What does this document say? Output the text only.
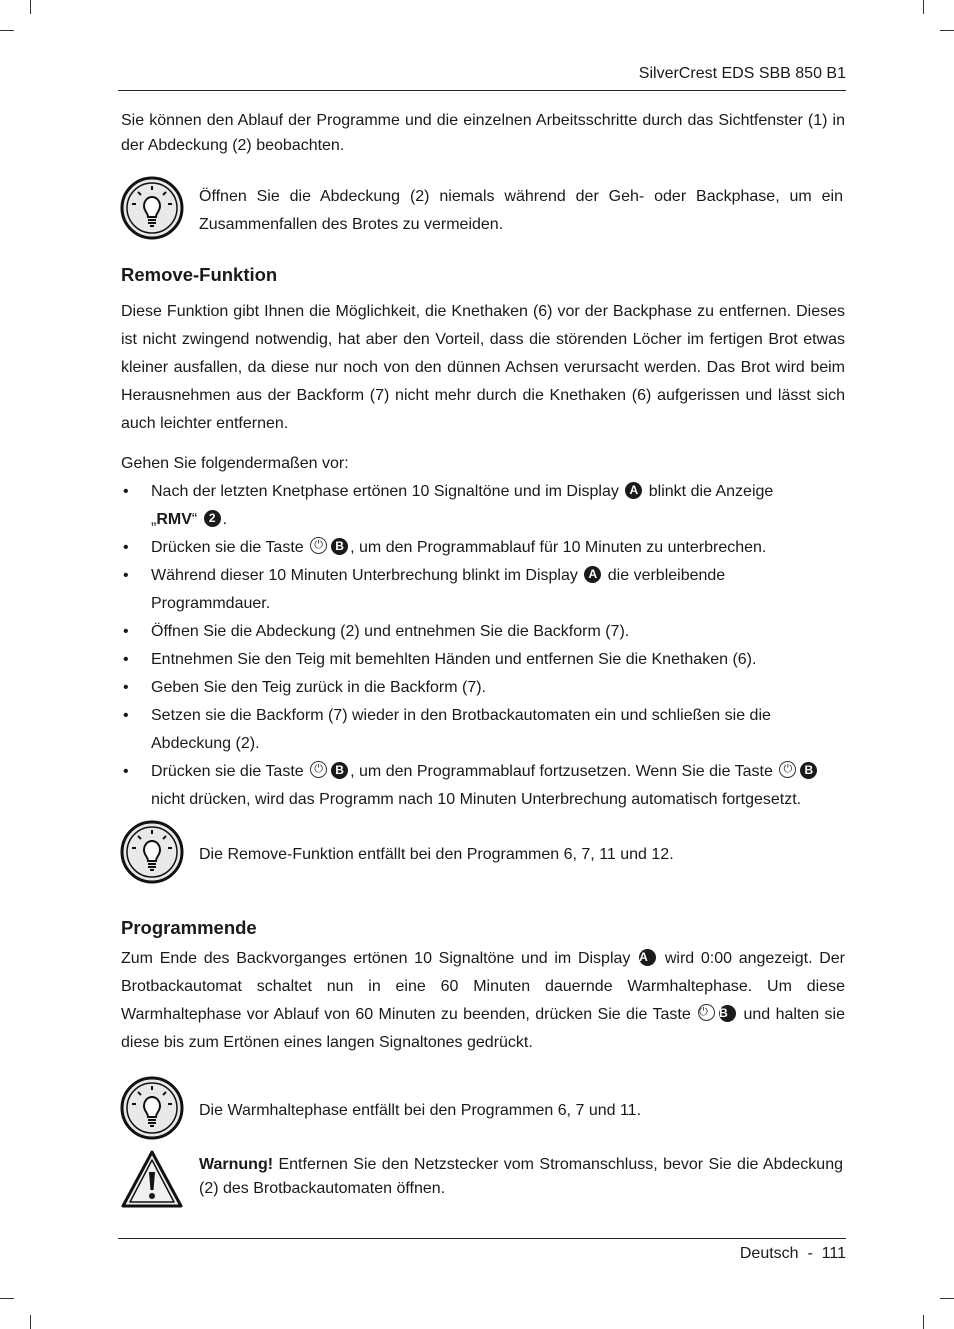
SilverCrest EDS SBB 850 B1

Sie können den Ablauf der Programme und die einzelnen Arbeitsschritte durch das Sichtfenster (1) in der Abdeckung (2) beobachten.

Öffnen Sie die Abdeckung (2) niemals während der Geh- oder Backphase, um ein Zusammenfallen des Brotes zu vermeiden.

Remove-Funktion

Diese Funktion gibt Ihnen die Möglichkeit, die Knethaken (6) vor der Backphase zu entfernen. Dieses ist nicht zwingend notwendig, hat aber den Vorteil, dass die störenden Löcher im fertigen Brot etwas kleiner ausfallen, da diese nur noch von den dünnen Achsen verursacht werden. Das Brot wird beim Herausnehmen aus der Backform (7) nicht mehr durch die Knethaken (6) aufgerissen und lässt sich auch leichter entfernen.

Gehen Sie folgendermaßen vor:

• Nach der letzten Knetphase ertönen 10 Signaltöne und im Display A blinkt die Anzeige
„RMV“ 2 .
• Drücken sie die Taste ⏻ B , um den Programmablauf für 10 Minuten zu unterbrechen.
• Während dieser 10 Minuten Unterbrechung blinkt im Display A die verbleibende Programmdauer.
• Öffnen Sie die Abdeckung (2) und entnehmen Sie die Backform (7).
• Entnehmen Sie den Teig mit bemehlten Händen und entfernen Sie die Knethaken (6).
• Geben Sie den Teig zurück in die Backform (7).
• Setzen sie die Backform (7) wieder in den Brotbackautomaten ein und schließen sie die Abdeckung (2).
• Drücken sie die Taste ⏻ B , um den Programmablauf fortzusetzen. Wenn Sie die Taste ⏻ B nicht drücken, wird das Programm nach 10 Minuten Unterbrechung automatisch fortgesetzt.

Die Remove-Funktion entfällt bei den Programmen 6, 7, 11 und 12.

Programmende

Zum Ende des Backvorganges ertönen 10 Signaltöne und im Display A wird 0:00 angezeigt. Der Brotbackautomat schaltet nun in eine 60 Minuten dauernde Warmhaltephase. Um diese Warmhaltephase vor Ablauf von 60 Minuten zu beenden, drücken Sie die Taste ⏻ B und halten sie diese bis zum Ertönen eines langen Signaltones gedrückt.

Die Warmhaltephase entfällt bei den Programmen 6, 7 und 11.

Warnung! Entfernen Sie den Netzstecker vom Stromanschluss, bevor Sie die Abdeckung (2) des Brotbackautomaten öffnen.

Deutsch  -  111
